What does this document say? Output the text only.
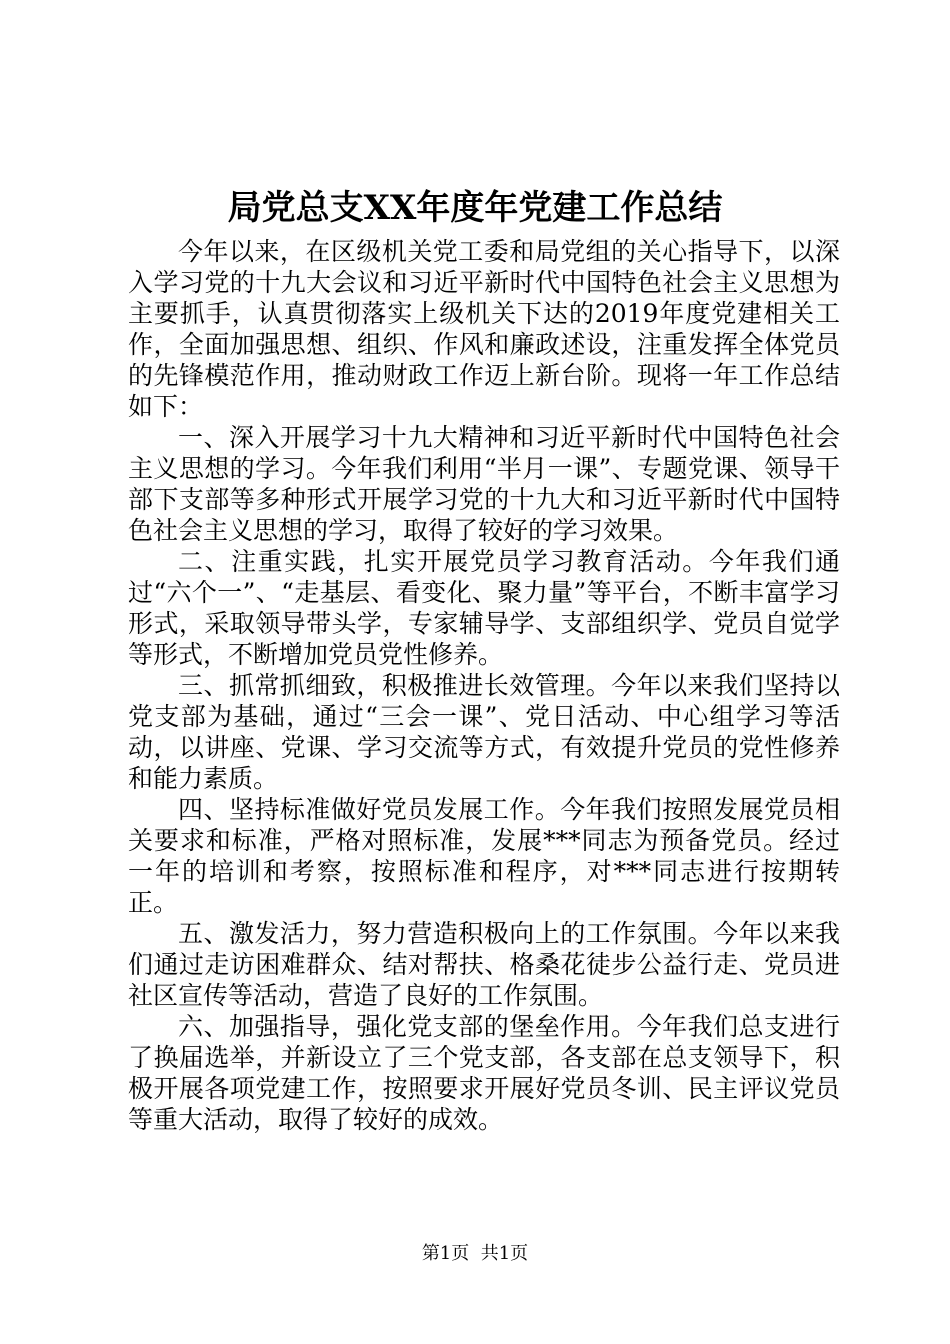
局党总支XX年度年党建工作总结

今年以来，在区级机关党工委和局党组的关心指导下，以深入学习党的十九大会议和习近平新时代中国特色社会主义思想为主要抓手，认真贯彻落实上级机关下达的2019年度党建相关工作，全面加强思想、组织、作风和廉政述设，注重发挥全体党员的先锋模范作用，推动财政工作迈上新台阶。现将一年工作总结如下：

一、深入开展学习十九大精神和习近平新时代中国特色社会主义思想的学习。今年我们利用“半月一课”、专题党课、领导干部下支部等多种形式开展学习党的十九大和习近平新时代中国特色社会主义思想的学习，取得了较好的学习效果。

二、注重实践，扎实开展党员学习教育活动。今年我们通过“六个一”、“走基层、看变化、聚力量”等平台，不断丰富学习形式，采取领导带头学，专家辅导学、支部组织学、党员自觉学等形式，不断增加党员党性修养。

三、抓常抓细致，积极推进长效管理。今年以来我们坚持以党支部为基础，通过“三会一课”、党日活动、中心组学习等活动，以讲座、党课、学习交流等方式，有效提升党员的党性修养和能力素质。

四、坚持标准做好党员发展工作。今年我们按照发展党员相关要求和标准，严格对照标准，发展***同志为预备党员。经过一年的培训和考察，按照标准和程序，对***同志进行按期转正。

五、激发活力，努力营造积极向上的工作氛围。今年以来我们通过走访困难群众、结对帮扶、格桑花徒步公益行走、党员进社区宣传等活动，营造了良好的工作氛围。

六、加强指导，强化党支部的堡垒作用。今年我们总支进行了换届选举，并新设立了三个党支部，各支部在总支领导下，积极开展各项党建工作，按照要求开展好党员冬训、民主评议党员等重大活动，取得了较好的成效。

第1页  共1页
